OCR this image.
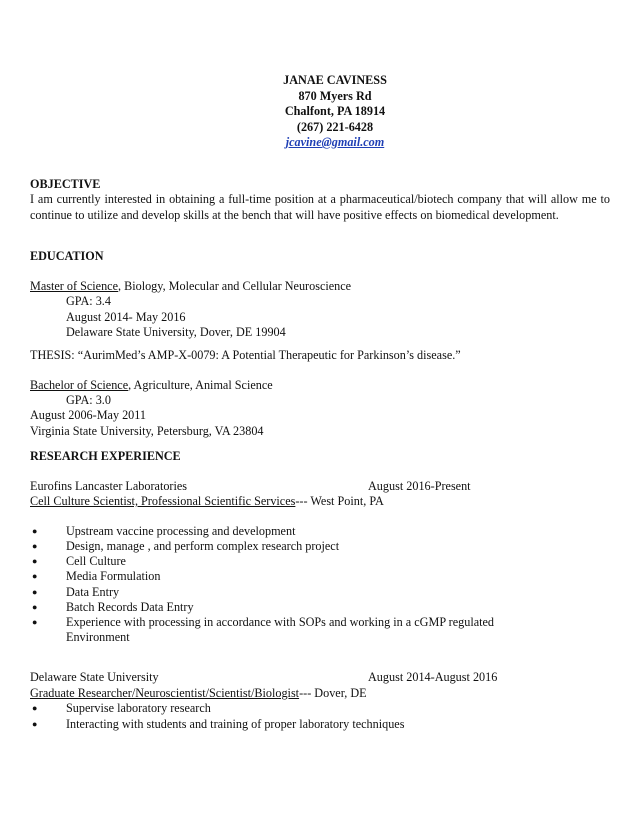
JANAE CAVINESS
870 Myers Rd
Chalfont, PA 18914
(267) 221-6428
jcavine@gmail.com
OBJECTIVE
I am currently interested in obtaining a full-time position at a pharmaceutical/biotech company that will allow me to continue to utilize and develop skills at the bench that will have positive effects on biomedical development.
EDUCATION
Master of Science, Biology, Molecular and Cellular Neuroscience
GPA: 3.4
August 2014- May 2016
Delaware State University, Dover, DE 19904
THESIS: “AurimMed’s AMP-X-0079: A Potential Therapeutic for Parkinson’s disease.”
Bachelor of Science, Agriculture, Animal Science
GPA: 3.0
August 2006-May 2011
Virginia State University, Petersburg, VA 23804
RESEARCH EXPERIENCE
Eurofins Lancaster Laboratories	August 2016-Present
Cell Culture Scientist, Professional Scientific Services--- West Point, PA
● Upstream vaccine processing and development
● Design, manage , and perform complex research project
● Cell Culture
● Media Formulation
● Data Entry
● Batch Records Data Entry
● Experience with processing in accordance with SOPs and working in a cGMP regulated
Environment
Delaware State University	August 2014-August 2016
Graduate Researcher/Neuroscientist/Scientist/Biologist--- Dover, DE
● Supervise laboratory research
● Interacting with students and training of proper laboratory techniques
